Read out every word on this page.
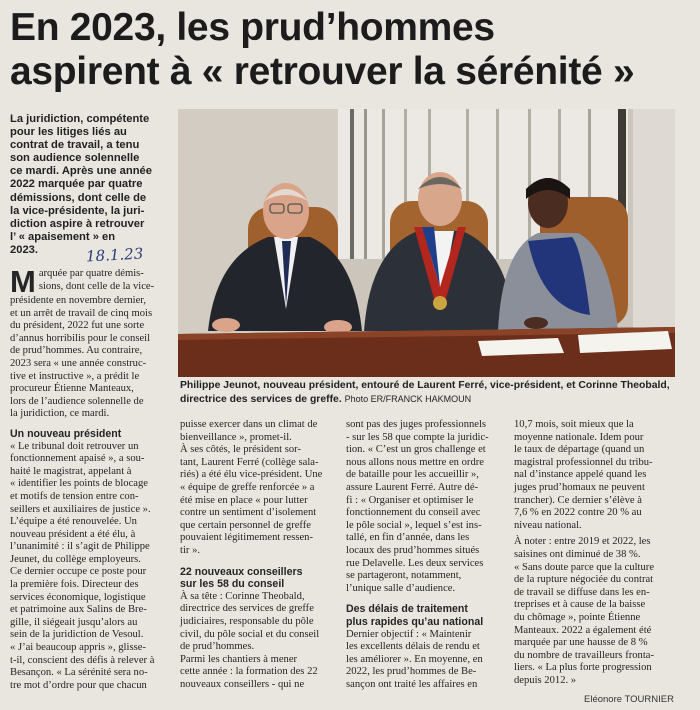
En 2023, les prud’hommes
aspirent à « retrouver la sérénité »
La juridiction, compétente
pour les litiges liés au
contrat de travail, a tenu
son audience solennelle
ce mardi. Après une année
2022 marquée par quatre
démissions, dont celle de
la vice-présidente, la juri-
diction aspire à retrouver
l’ « apaisement » en
2023.	18.1.23
M arquée par quatre démis-
sions, dont celle de la vice-
présidente en novembre dernier,
et un arrêt de travail de cinq mois
du président, 2022 fut une sorte
d’annus horribilis pour le conseil
de prud’hommes. Au contraire,
2023 sera « une année construc-
tive et instructive », a prédit le
procureur Étienne Manteaux,
lors de l’audience solennelle de
la juridiction, ce mardi.
Un nouveau président
« Le tribunal doit retrouver un
fonctionnement apaisé », a sou-
haité le magistrat, appelant à
« identifier les points de blocage
et motifs de tension entre con-
seillers et auxiliaires de justice ».
L’équipe a été renouvelée. Un
nouveau président a été élu, à
l’unanimité : il s’agit de Philippe
Jeunet, du collège employeurs.
Ce dernier occupe ce poste pour
la première fois. Directeur des
services économique, logistique
et patrimoine aux Salins de Bre-
gille, il siégeait jusqu’alors au
sein de la juridiction de Vesoul.
« J’ai beaucoup appris », glisse-
t-il, conscient des défis à relever à
Besançon. « La sérénité sera no-
tre mot d’ordre pour que chacun
Philippe Jeunot, nouveau président, entouré de Laurent Ferré, vice-président, et Corinne Theobald,
directrice des services de greffe. Photo ER/FRANCK HAKMOUN
puisse exercer dans un climat de
bienveillance », promet-il.
À ses côtés, le président sor-
tant, Laurent Ferré (collège sala-
riés) a été élu vice-président. Une
« équipe de greffe renforcée » a
été mise en place « pour lutter
contre un sentiment d’isolement
que certain personnel de greffe
pouvaient légitimement ressen-
tir ».
22 nouveaux conseillers
sur les 58 du conseil
À sa tête : Corinne Theobald,
directrice des services de greffe
judiciaires, responsable du pôle
civil, du pôle social et du conseil
de prud’hommes.
Parmi les chantiers à mener
cette année : la formation des 22
nouveaux conseillers - qui ne
sont pas des juges professionnels
- sur les 58 que compte la juridic-
tion. « C’est un gros challenge et
nous allons nous mettre en ordre
de bataille pour les accueillir »,
assure Laurent Ferré. Autre dé-
fi : « Organiser et optimiser le
fonctionnement du conseil avec
le pôle social », lequel s’est ins-
tallé, en fin d’année, dans les
locaux des prud’hommes situés
rue Delavelle. Les deux services
se partageront, notamment,
l’unique salle d’audience.
Des délais de traitement
plus rapides qu’au national
Dernier objectif : « Maintenir
les excellents délais de rendu et
les améliorer ». En moyenne, en
2022, les prud’hommes de Be-
sançon ont traité les affaires en
10,7 mois, soit mieux que la
moyenne nationale. Idem pour
le taux de départage (quand un
magistral professionnel du tribu-
nal d’instance appelé quand les
juges prud’homaux ne peuvent
trancher). Ce dernier s’élève à
7,6 % en 2022 contre 20 % au
niveau national.
À noter : entre 2019 et 2022, les
saisines ont diminué de 38 %.
« Sans doute parce que la culture
de la rupture négociée du contrat
de travail se diffuse dans les en-
treprises et à cause de la baisse
du chômage », pointe Étienne
Manteaux. 2022 a également été
marquée par une hausse de 8 %
du nombre de travailleurs fronta-
liers. « La plus forte progression
depuis 2012. »
Eléonore TOURNIER
